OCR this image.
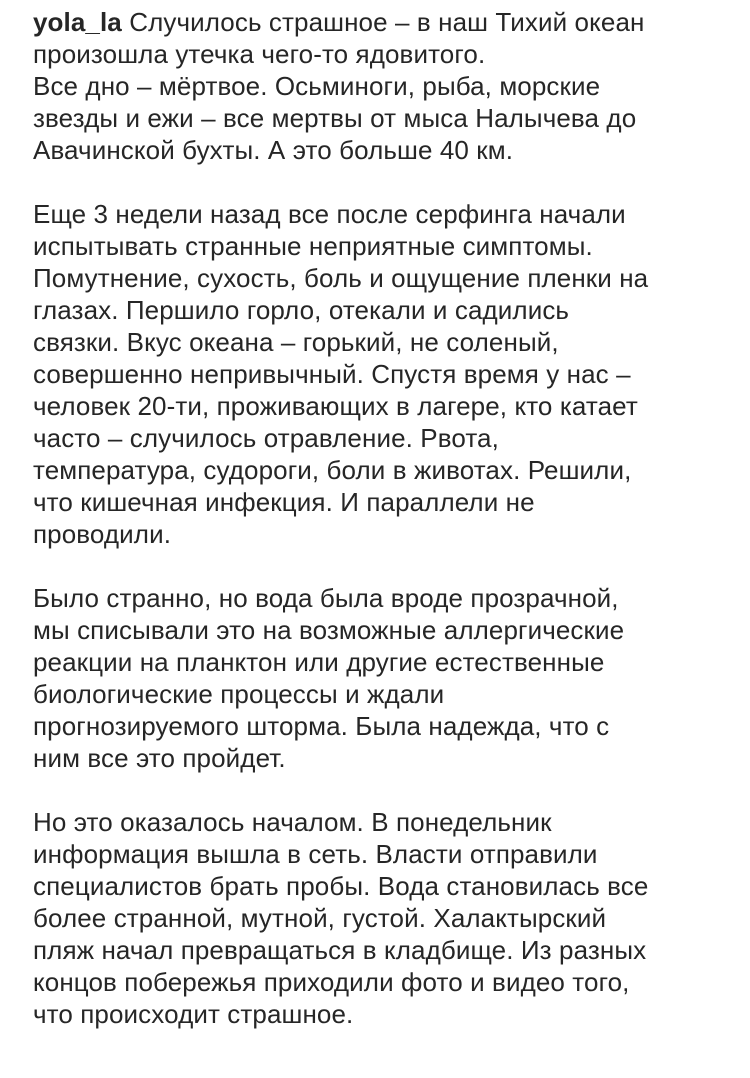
yola_la Случилось страшное – в наш Тихий океан
произошла утечка чего-то ядовитого.
Все дно – мёртвое. Осьминоги, рыба, морские
звезды и ежи – все мертвы от мыса Налычева до
Авачинской бухты. А это больше 40 км.
Еще 3 недели назад все после серфинга начали
испытывать странные неприятные симптомы.
Помутнение, сухость, боль и ощущение пленки на
глазах. Першило горло, отекали и садились
связки. Вкус океана – горький, не соленый,
совершенно непривычный. Спустя время у нас –
человек 20-ти, проживающих в лагере, кто катает
часто – случилось отравление. Рвота,
температура, судороги, боли в животах. Решили,
что кишечная инфекция. И параллели не
проводили.
Было странно, но вода была вроде прозрачной,
мы списывали это на возможные аллергические
реакции на планктон или другие естественные
биологические процессы и ждали
прогнозируемого шторма. Была надежда, что с
ним все это пройдет.
Но это оказалось началом. В понедельник
информация вышла в сеть. Власти отправили
специалистов брать пробы. Вода становилась все
более странной, мутной, густой. Халактырский
пляж начал превращаться в кладбище. Из разных
концов побережья приходили фото и видео того,
что происходит страшное.
